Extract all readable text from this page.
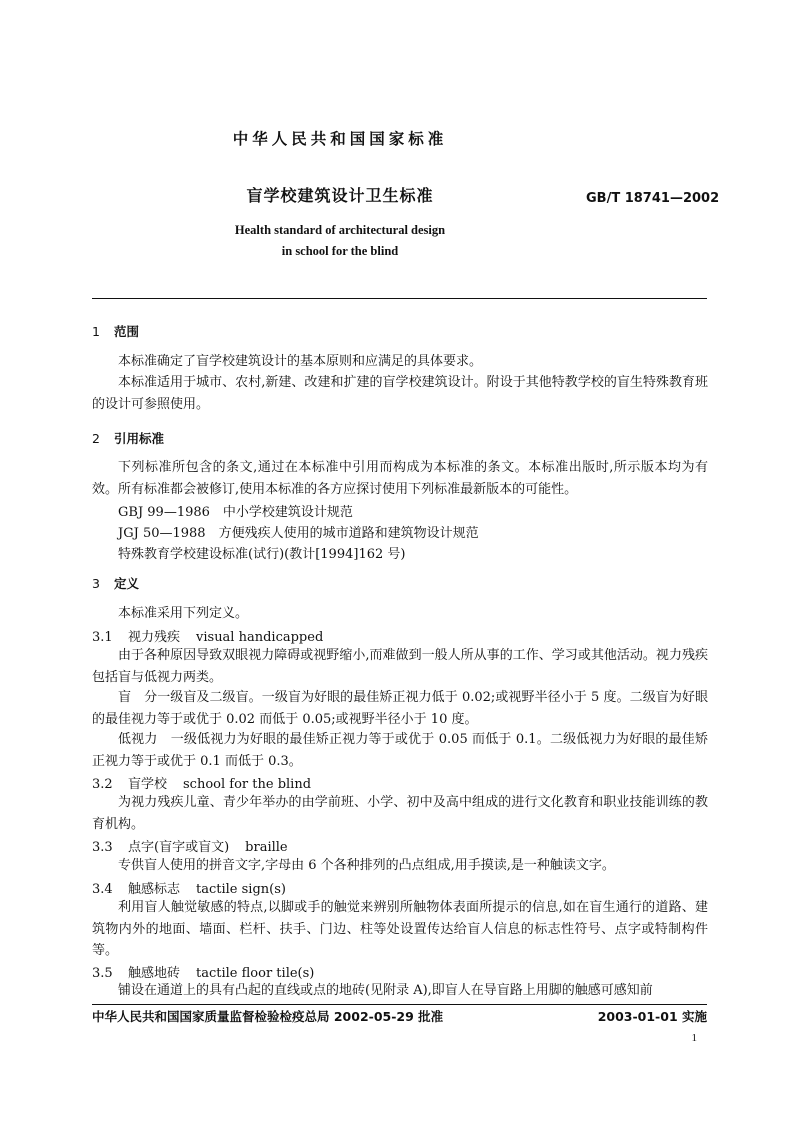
中华人民共和国国家标准
盲学校建筑设计卫生标准	GB/T 18741—2002
Health standard of architectural design
in school for the blind
1 范围

本标准确定了盲学校建筑设计的基本原则和应满足的具体要求。

本标准适用于城市、农村,新建、改建和扩建的盲学校建筑设计。附设于其他特教学校的盲生特殊教育班的设计可参照使用。

2 引用标准

下列标准所包含的条文,通过在本标准中引用而构成为本标准的条文。本标准出版时,所示版本均为有效。所有标准都会被修订,使用本标准的各方应探讨使用下列标准最新版本的可能性。

GBJ 99—1986　中小学校建筑设计规范
JGJ 50—1988　方便残疾人使用的城市道路和建筑物设计规范
特殊教育学校建设标准(试行)(教计[1994]162 号)
3 定义

本标准采用下列定义。

3.1 视力残疾 visual handicapped

由于各种原因导致双眼视力障碍或视野缩小,而难做到一般人所从事的工作、学习或其他活动。视力残疾包括盲与低视力两类。

盲　分一级盲及二级盲。一级盲为好眼的最佳矫正视力低于 0.02;或视野半径小于 5 度。二级盲为好眼的最佳视力等于或优于 0.02 而低于 0.05;或视野半径小于 10 度。

低视力　一级低视力为好眼的最佳矫正视力等于或优于 0.05 而低于 0.1。二级低视力为好眼的最佳矫正视力等于或优于 0.1 而低于 0.3。

3.2 盲学校 school for the blind

为视力残疾儿童、青少年举办的由学前班、小学、初中及高中组成的进行文化教育和职业技能训练的教育机构。

3.3 点字(盲字或盲文) braille

专供盲人使用的拼音文字,字母由 6 个各种排列的凸点组成,用手摸读,是一种触读文字。

3.4 触感标志 tactile sign(s)

利用盲人触觉敏感的特点,以脚或手的触觉来辨别所触物体表面所提示的信息,如在盲生通行的道路、建筑物内外的地面、墙面、栏杆、扶手、门边、柱等处设置传达给盲人信息的标志性符号、点字或特制构件等。

3.5 触感地砖 tactile floor tile(s)

铺设在通道上的具有凸起的直线或点的地砖(见附录 A),即盲人在导盲路上用脚的触感可感知前

中华人民共和国国家质量监督检验检疫总局 2002-05-29 批准	2003-01-01 实施
1
